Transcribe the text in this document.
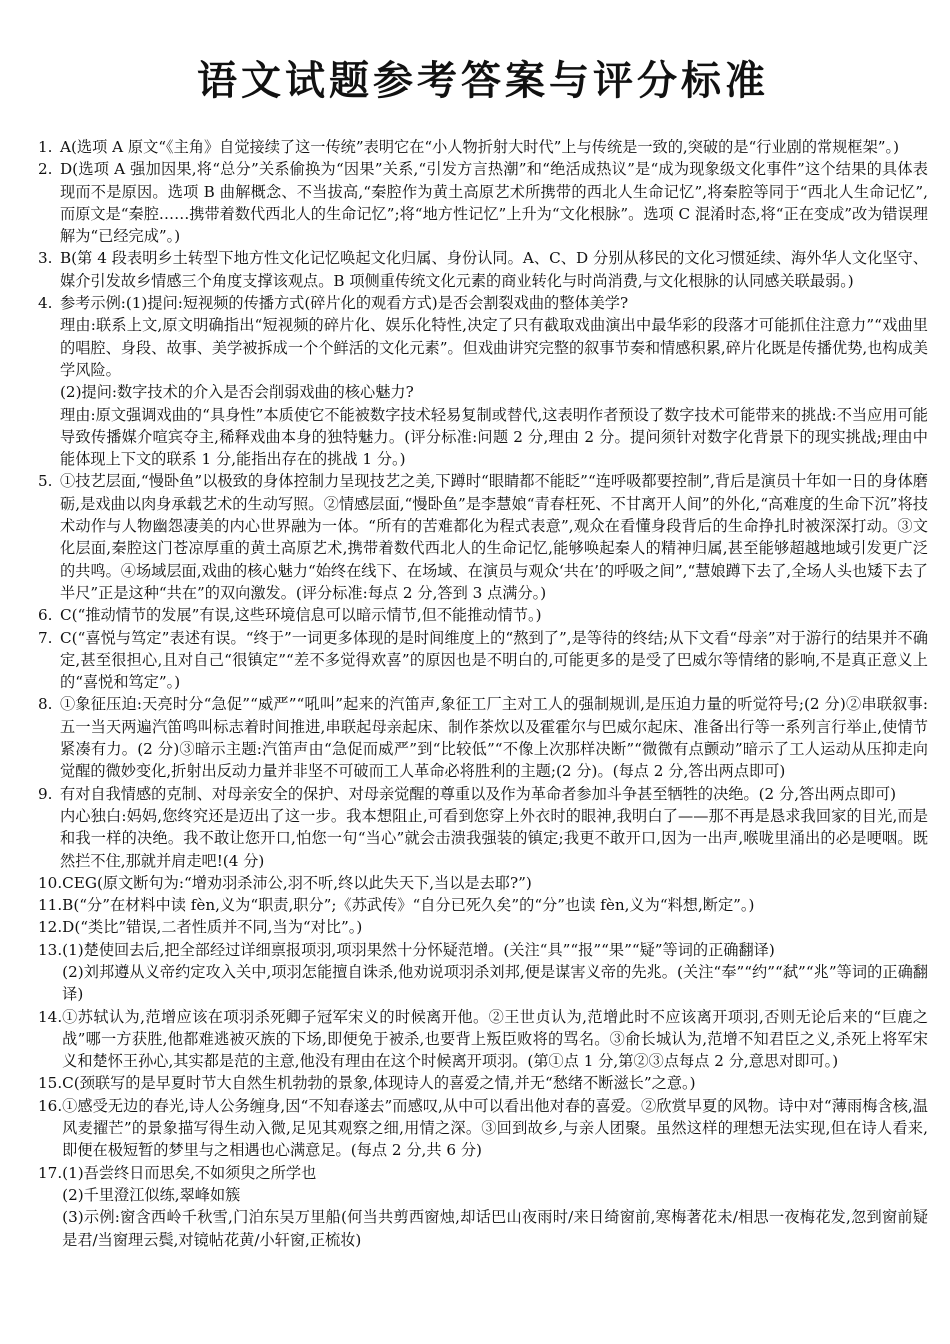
语文试题参考答案与评分标准
1. A(选项 A 原文“《主角》自觉接续了这一传统”表明它在“小人物折射大时代”上与传统是一致的,突破的是“行业剧的常规框架”。)

2. D(选项 A 强加因果,将“总分”关系偷换为“因果”关系,“引发方言热潮”和“绝活成热议”是“成为现象级文化事件”这个结果的具体表现而不是原因。选项 B 曲解概念、不当拔高,“秦腔作为黄土高原艺术所携带的西北人生命记忆”,将秦腔等同于“西北人生命记忆”,而原文是“秦腔……携带着数代西北人的生命记忆”;将“地方性记忆”上升为“文化根脉”。选项 C 混淆时态,将“正在变成”改为错误理解为“已经完成”。)

3. B(第 4 段表明乡土转型下地方性文化记忆唤起文化归属、身份认同。A、C、D 分别从移民的文化习惯延续、海外华人文化坚守、媒介引发故乡情感三个角度支撑该观点。B 项侧重传统文化元素的商业转化与时尚消费,与文化根脉的认同感关联最弱。)

4. 参考示例:(1)提问:短视频的传播方式(碎片化的观看方式)是否会割裂戏曲的整体美学?

理由:联系上文,原文明确指出“短视频的碎片化、娱乐化特性,决定了只有截取戏曲演出中最华彩的段落才可能抓住注意力”“戏曲里的唱腔、身段、故事、美学被拆成一个个鲜活的文化元素”。但戏曲讲究完整的叙事节奏和情感积累,碎片化既是传播优势,也构成美学风险。

(2)提问:数字技术的介入是否会削弱戏曲的核心魅力?

理由:原文强调戏曲的“具身性”本质使它不能被数字技术轻易复制或替代,这表明作者预设了数字技术可能带来的挑战:不当应用可能导致传播媒介喧宾夺主,稀释戏曲本身的独特魅力。(评分标准:问题 2 分,理由 2 分。提问须针对数字化背景下的现实挑战;理由中能体现上下文的联系 1 分,能指出存在的挑战 1 分。)

5. ①技艺层面,“慢卧鱼”以极致的身体控制力呈现技艺之美,下蹲时“眼睛都不能眨”“连呼吸都要控制”,背后是演员十年如一日的身体磨砺,是戏曲以肉身承载艺术的生动写照。②情感层面,“慢卧鱼”是李慧娘“青春枉死、不甘离开人间”的外化,“高难度的生命下沉”将技术动作与人物幽怨凄美的内心世界融为一体。“所有的苦难都化为程式表意”,观众在看懂身段背后的生命挣扎时被深深打动。③文化层面,秦腔这门苍凉厚重的黄土高原艺术,携带着数代西北人的生命记忆,能够唤起秦人的精神归属,甚至能够超越地域引发更广泛的共鸣。④场域层面,戏曲的核心魅力“始终在线下、在场域、在演员与观众‘共在’的呼吸之间”,“慧娘蹲下去了,全场人头也矮下去了半尺”正是这种“共在”的双向激发。(评分标准:每点 2 分,答到 3 点满分。)

6. C(“推动情节的发展”有误,这些环境信息可以暗示情节,但不能推动情节。)

7. C(“喜悦与笃定”表述有误。“终于”一词更多体现的是时间维度上的“熬到了”,是等待的终结;从下文看“母亲”对于游行的结果并不确定,甚至很担心,且对自己“很镇定”“差不多觉得欢喜”的原因也是不明白的,可能更多的是受了巴威尔等情绪的影响,不是真正意义上的“喜悦和笃定”。)

8. ①象征压迫:天亮时分“急促”“威严”“吼叫”起来的汽笛声,象征工厂主对工人的强制规训,是压迫力量的听觉符号;(2 分)②串联叙事:五一当天两遍汽笛鸣叫标志着时间推进,串联起母亲起床、制作茶炊以及霍霍尔与巴威尔起床、准备出行等一系列言行举止,使情节紧凑有力。(2 分)③暗示主题:汽笛声由“急促而威严”到“比较低”“不像上次那样决断”“微微有点颤动”暗示了工人运动从压抑走向觉醒的微妙变化,折射出反动力量并非坚不可破而工人革命必将胜利的主题;(2 分)。(每点 2 分,答出两点即可)

9. 有对自我情感的克制、对母亲安全的保护、对母亲觉醒的尊重以及作为革命者参加斗争甚至牺牲的决绝。(2 分,答出两点即可)

内心独白:妈妈,您终究还是迈出了这一步。我本想阻止,可看到您穿上外衣时的眼神,我明白了——那不再是恳求我回家的目光,而是和我一样的决绝。我不敢让您开口,怕您一句“当心”就会击溃我强装的镇定;我更不敢开口,因为一出声,喉咙里涌出的必是哽咽。既然拦不住,那就并肩走吧!(4 分)

10. CEG(原文断句为:“增劝羽杀沛公,羽不听,终以此失天下,当以是去耶?”)

11. B(“分”在材料中读 fèn,义为“职责,职分”;《苏武传》“自分已死久矣”的“分”也读 fèn,义为“料想,断定”。)

12. D(“类比”错误,二者性质并不同,当为“对比”。)

13. (1)楚使回去后,把全部经过详细禀报项羽,项羽果然十分怀疑范增。(关注“具”“报”“果”“疑”等词的正确翻译)

(2)刘邦遵从义帝约定攻入关中,项羽怎能擅自诛杀,他劝说项羽杀刘邦,便是谋害义帝的先兆。(关注“奉”“约”“弑”“兆”等词的正确翻译)

14. ①苏轼认为,范增应该在项羽杀死卿子冠军宋义的时候离开他。②王世贞认为,范增此时不应该离开项羽,否则无论后来的“巨鹿之战”哪一方获胜,他都难逃被灭族的下场,即便免于被杀,也要背上叛臣败将的骂名。③俞长城认为,范增不知君臣之义,杀死上将军宋义和楚怀王孙心,其实都是范的主意,他没有理由在这个时候离开项羽。(第①点 1 分,第②③点每点 2 分,意思对即可。)

15. C(颈联写的是早夏时节大自然生机勃勃的景象,体现诗人的喜爱之情,并无“愁绪不断滋长”之意。)

16. ①感受无边的春光,诗人公务缠身,因“不知春遂去”而感叹,从中可以看出他对春的喜爱。②欣赏早夏的风物。诗中对“薄雨梅含核,温风麦擢芒”的景象描写得生动入微,足见其观察之细,用情之深。③回到故乡,与亲人团聚。虽然这样的理想无法实现,但在诗人看来,即便在极短暂的梦里与之相遇也心满意足。(每点 2 分,共 6 分)

17. (1)吾尝终日而思矣,不如须臾之所学也

(2)千里澄江似练,翠峰如簇

(3)示例:窗含西岭千秋雪,门泊东吴万里船(何当共剪西窗烛,却话巴山夜雨时/来日绮窗前,寒梅著花未/相思一夜梅花发,忽到窗前疑是君/当窗理云鬓,对镜帖花黄/小轩窗,正梳妆)
